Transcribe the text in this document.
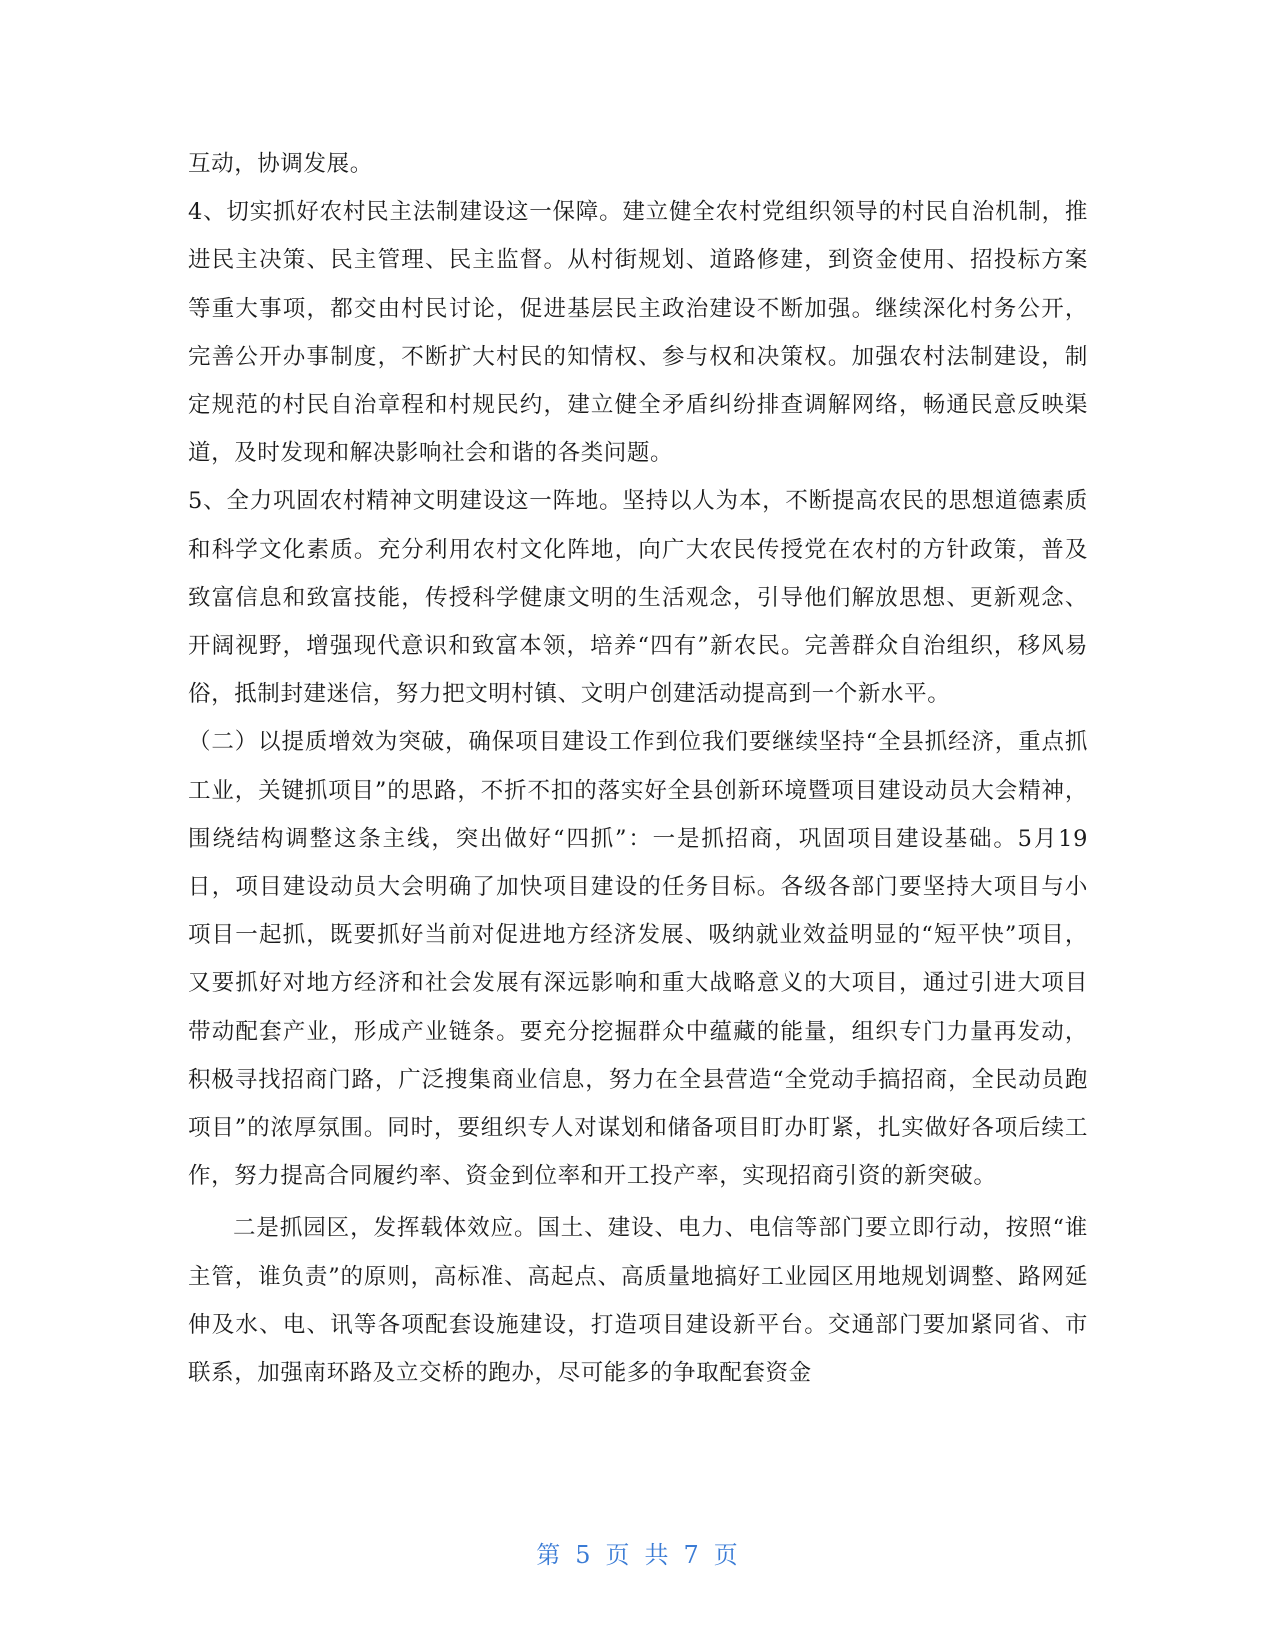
互动，协调发展。

4、切实抓好农村民主法制建设这一保障。建立健全农村党组织领导的村民自治机制，推进民主决策、民主管理、民主监督。从村街规划、道路修建，到资金使用、招投标方案等重大事项，都交由村民讨论，促进基层民主政治建设不断加强。继续深化村务公开，完善公开办事制度，不断扩大村民的知情权、参与权和决策权。加强农村法制建设，制定规范的村民自治章程和村规民约，建立健全矛盾纠纷排查调解网络，畅通民意反映渠道，及时发现和解决影响社会和谐的各类问题。

5、全力巩固农村精神文明建设这一阵地。坚持以人为本，不断提高农民的思想道德素质和科学文化素质。充分利用农村文化阵地，向广大农民传授党在农村的方针政策，普及致富信息和致富技能，传授科学健康文明的生活观念，引导他们解放思想、更新观念、开阔视野，增强现代意识和致富本领，培养“四有”新农民。完善群众自治组织，移风易俗，抵制封建迷信，努力把文明村镇、文明户创建活动提高到一个新水平。

（二）以提质增效为突破，确保项目建设工作到位我们要继续坚持“全县抓经济，重点抓工业，关键抓项目”的思路，不折不扣的落实好全县创新环境暨项目建设动员大会精神，围绕结构调整这条主线，突出做好“四抓”：一是抓招商，巩固项目建设基础。5月19日，项目建设动员大会明确了加快项目建设的任务目标。各级各部门要坚持大项目与小项目一起抓，既要抓好当前对促进地方经济发展、吸纳就业效益明显的“短平快”项目，又要抓好对地方经济和社会发展有深远影响和重大战略意义的大项目，通过引进大项目带动配套产业，形成产业链条。要充分挖掘群众中蕴藏的能量，组织专门力量再发动，积极寻找招商门路，广泛搜集商业信息，努力在全县营造“全党动手搞招商，全民动员跑项目”的浓厚氛围。同时，要组织专人对谋划和储备项目盯办盯紧，扎实做好各项后续工作，努力提高合同履约率、资金到位率和开工投产率，实现招商引资的新突破。

二是抓园区，发挥载体效应。国土、建设、电力、电信等部门要立即行动，按照“谁主管，谁负责”的原则，高标准、高起点、高质量地搞好工业园区用地规划调整、路网延伸及水、电、讯等各项配套设施建设，打造项目建设新平台。交通部门要加紧同省、市联系，加强南环路及立交桥的跑办，尽可能多的争取配套资金

第 5 页 共 7 页
